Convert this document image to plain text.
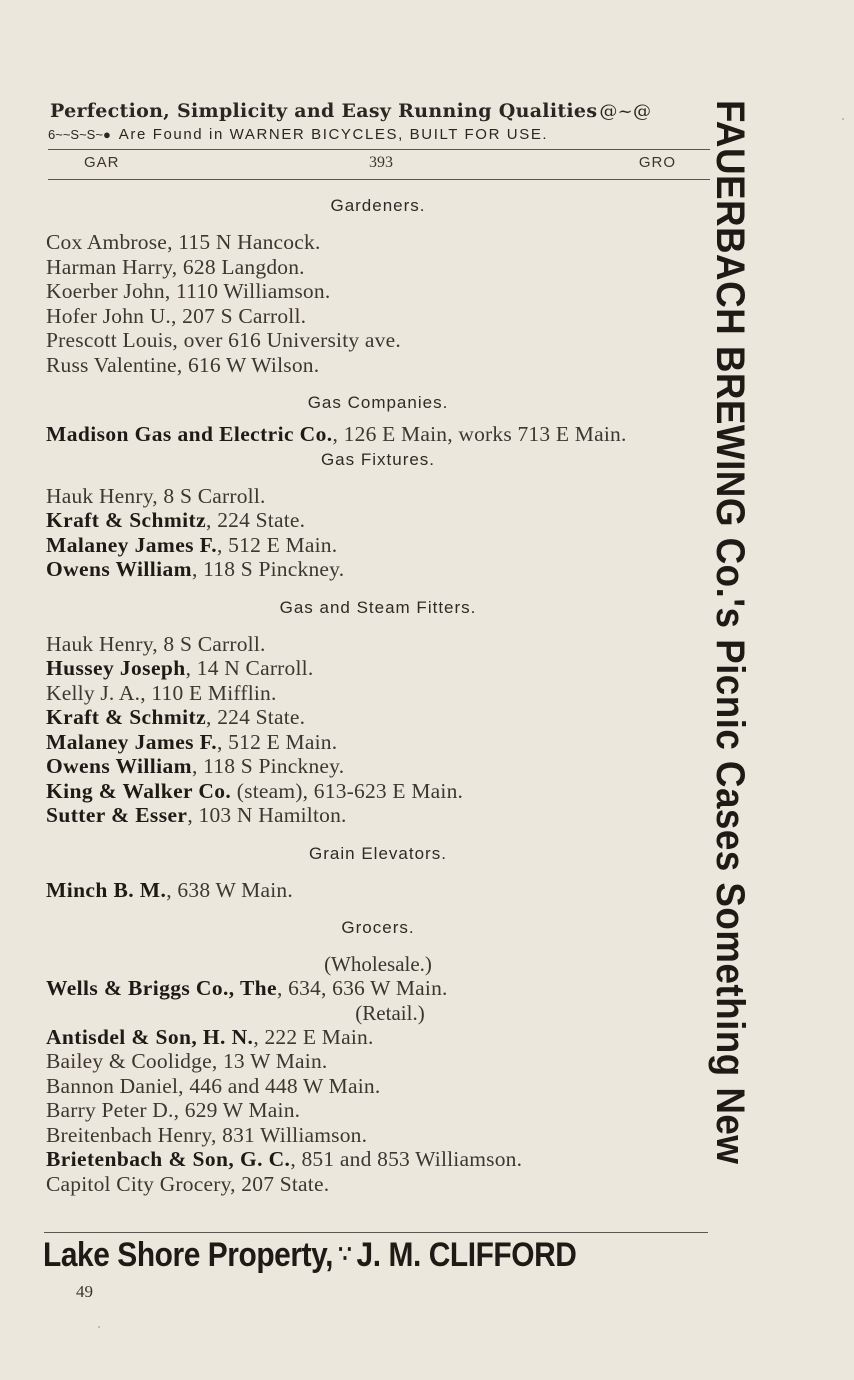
Perfection, Simplicity and Easy Running Qualities @~@
6~~S~S~● Are Found in WARNER BICYCLES, BUILT FOR USE.
GAR	393	GRO
Gardeners.
Cox Ambrose, 115 N Hancock.
Harman Harry, 628 Langdon.
Koerber John, 1110 Williamson.
Hofer John U., 207 S Carroll.
Prescott Louis, over 616 University ave.
Russ Valentine, 616 W Wilson.
Gas Companies.
Madison Gas and Electric Co., 126 E Main, works 713 E Main.
Gas Fixtures.
Hauk Henry, 8 S Carroll.
Kraft & Schmitz, 224 State.
Malaney James F., 512 E Main.
Owens William, 118 S Pinckney.
Gas and Steam Fitters.
Hauk Henry, 8 S Carroll.
Hussey Joseph, 14 N Carroll.
Kelly J. A., 110 E Mifflin.
Kraft & Schmitz, 224 State.
Malaney James F., 512 E Main.
Owens William, 118 S Pinckney.
King & Walker Co. (steam), 613-623 E Main.
Sutter & Esser, 103 N Hamilton.
Grain Elevators.
Minch B. M., 638 W Main.
Grocers.
(Wholesale.)
Wells & Briggs Co., The, 634, 636 W Main.
(Retail.)
Antisdel & Son, H. N., 222 E Main.
Bailey & Coolidge, 13 W Main.
Bannon Daniel, 446 and 448 W Main.
Barry Peter D., 629 W Main.
Breitenbach Henry, 831 Williamson.
Brietenbach & Son, G. C., 851 and 853 Williamson.
Capitol City Grocery, 207 State.
Lake Shore Property, ∵ J. M. CLIFFORD
49
FAUERBACH BREWING Co.'s Picnic Cases Something New
